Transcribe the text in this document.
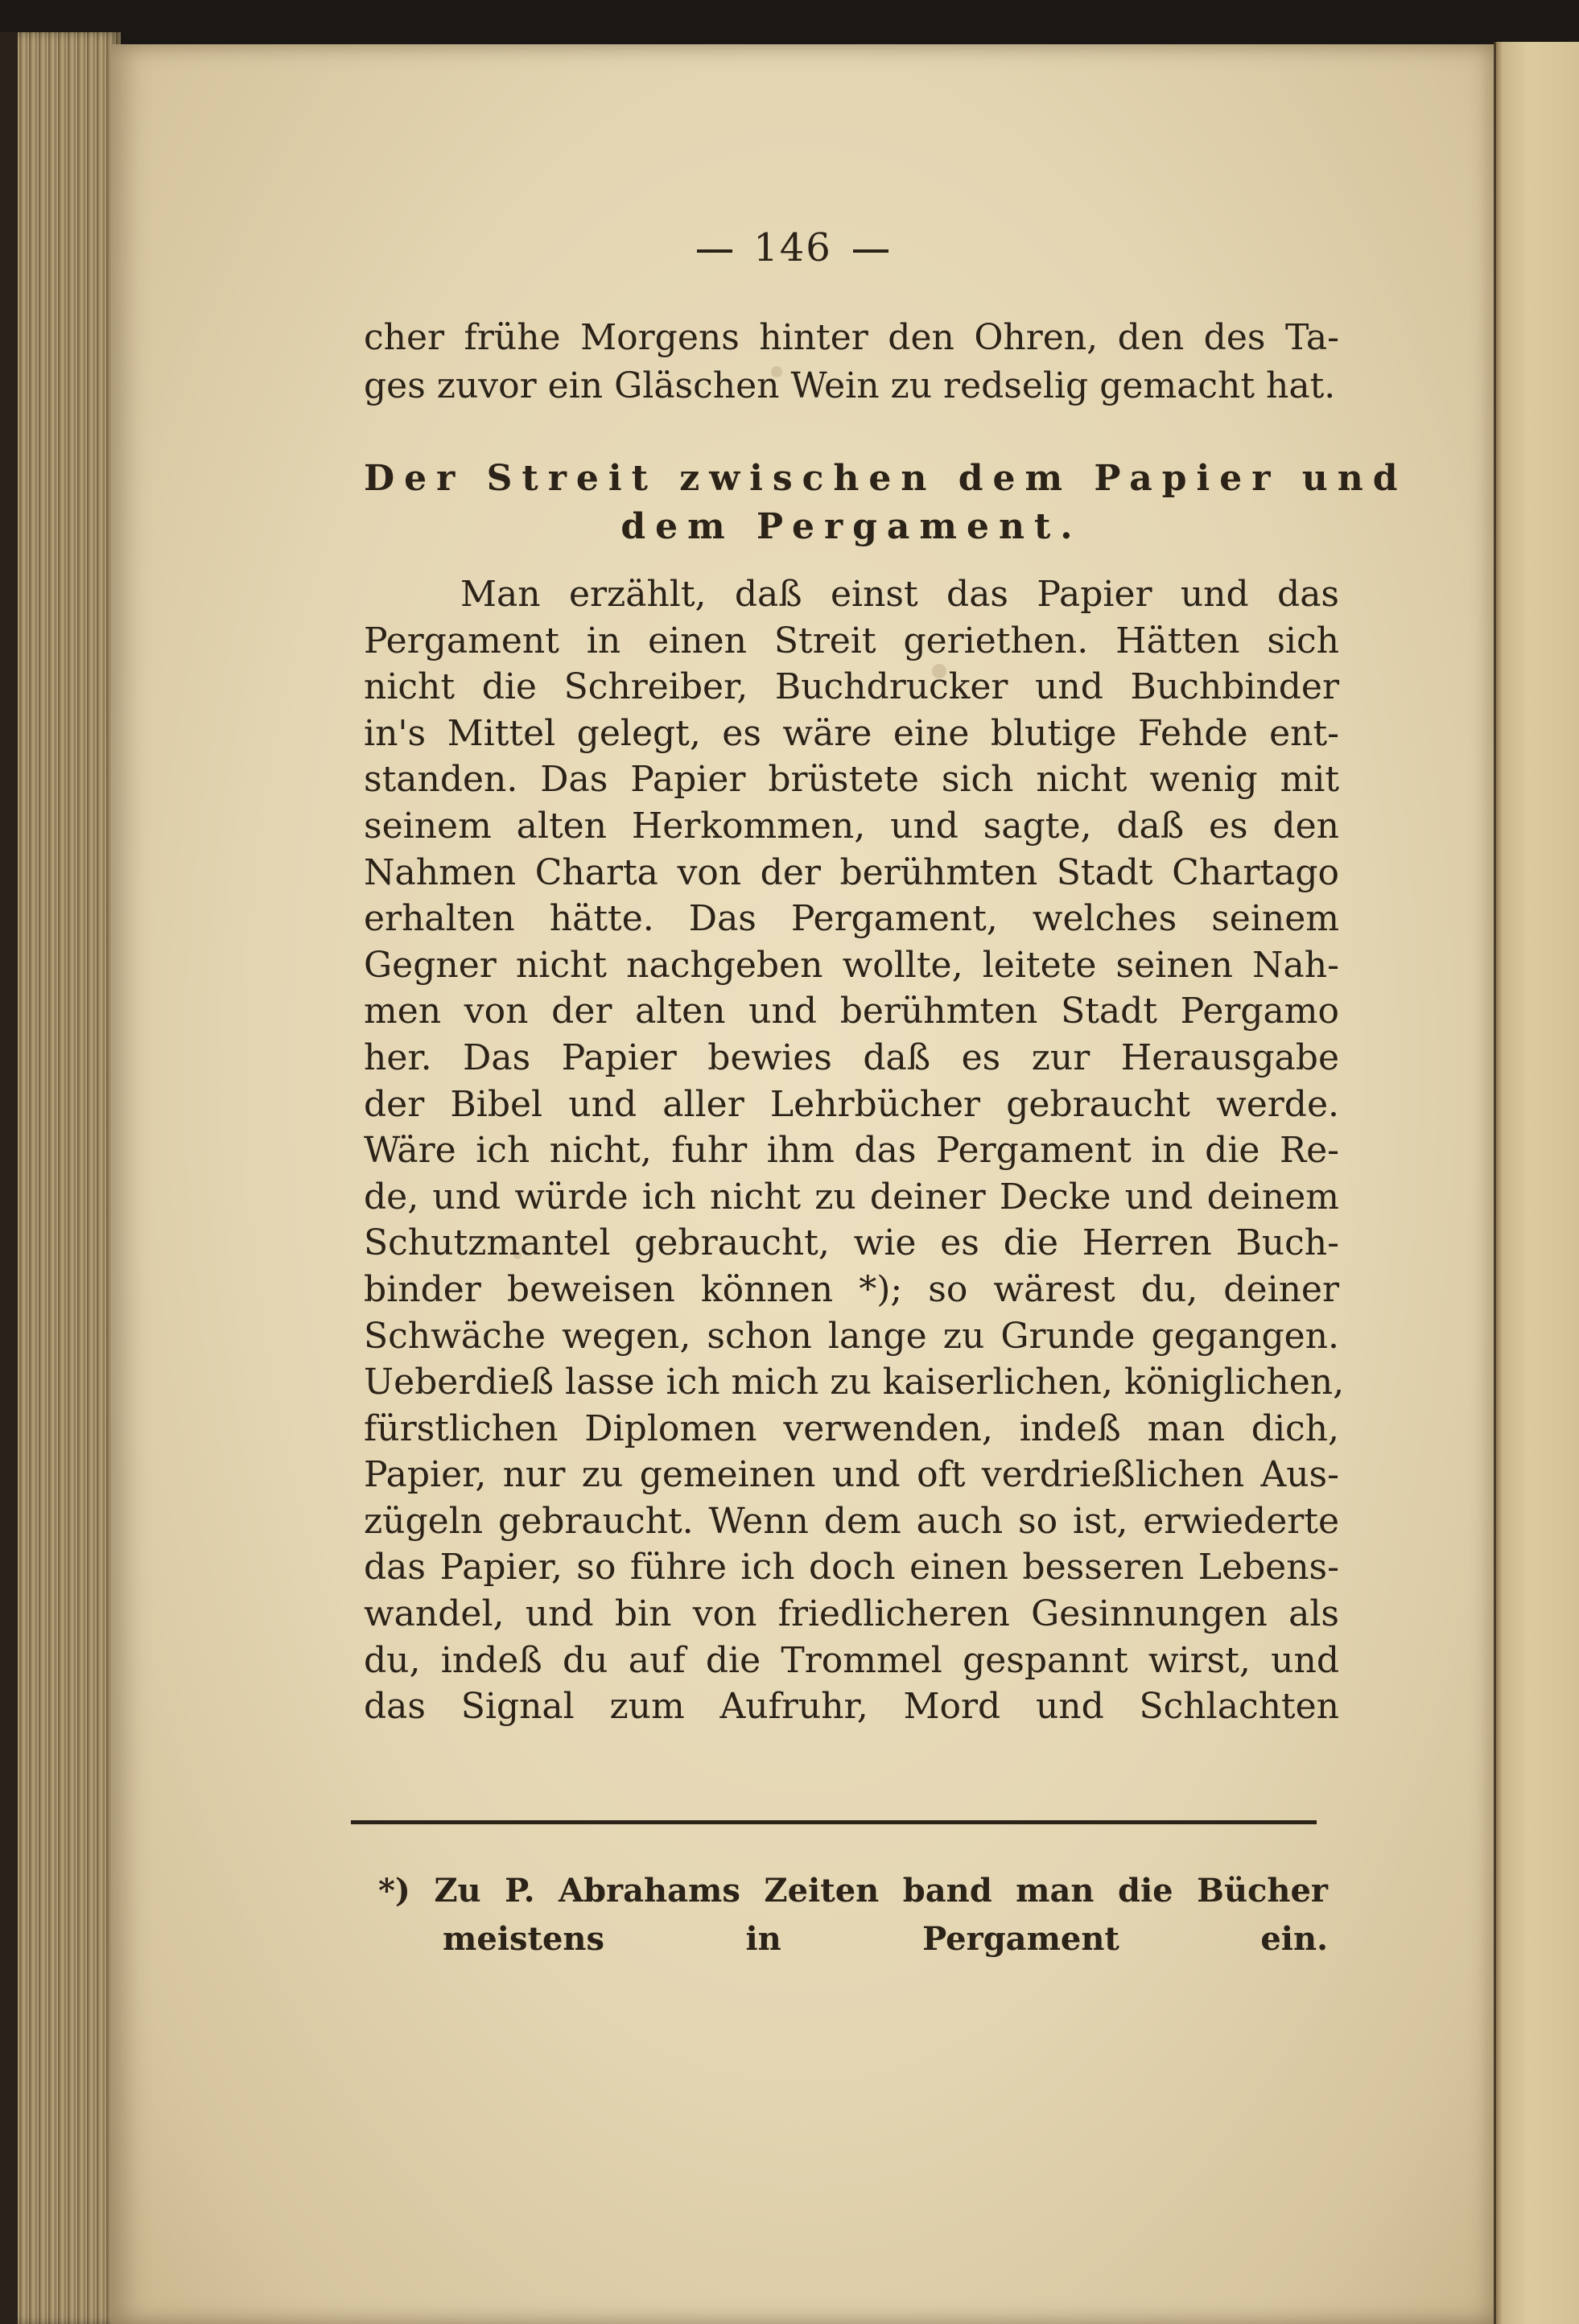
146
cher frühe Morgens hinter den Ohren, den des Ta-
ges zuvor ein Gläschen Wein zu redselig gemacht hat.
Der Streit zwischen dem Papier und
dem Pergament.
Man erzählt, daß einst das Papier und das
Pergament in einen Streit geriethen. Hätten sich
nicht die Schreiber, Buchdrucker und Buchbinder
in's Mittel gelegt, es wäre eine blutige Fehde ent-
standen. Das Papier brüstete sich nicht wenig mit
seinem alten Herkommen, und sagte, daß es den
Nahmen Charta von der berühmten Stadt Chartago
erhalten hätte. Das Pergament, welches seinem
Gegner nicht nachgeben wollte, leitete seinen Nah-
men von der alten und berühmten Stadt Pergamo
her. Das Papier bewies daß es zur Herausgabe
der Bibel und aller Lehrbücher gebraucht werde.
Wäre ich nicht, fuhr ihm das Pergament in die Re-
de, und würde ich nicht zu deiner Decke und deinem
Schutzmantel gebraucht, wie es die Herren Buch-
binder beweisen können *); so wärest du, deiner
Schwäche wegen, schon lange zu Grunde gegangen.
Ueberdieß lasse ich mich zu kaiserlichen, königlichen,
fürstlichen Diplomen verwenden, indeß man dich,
Papier, nur zu gemeinen und oft verdrießlichen Aus-
zügeln gebraucht. Wenn dem auch so ist, erwiederte
das Papier, so führe ich doch einen besseren Lebens-
wandel, und bin von friedlicheren Gesinnungen als
du, indeß du auf die Trommel gespannt wirst, und
das Signal zum Aufruhr, Mord und Schlachten
*) Zu P. Abrahams Zeiten band man die Bücher
meistens in Pergament ein.
